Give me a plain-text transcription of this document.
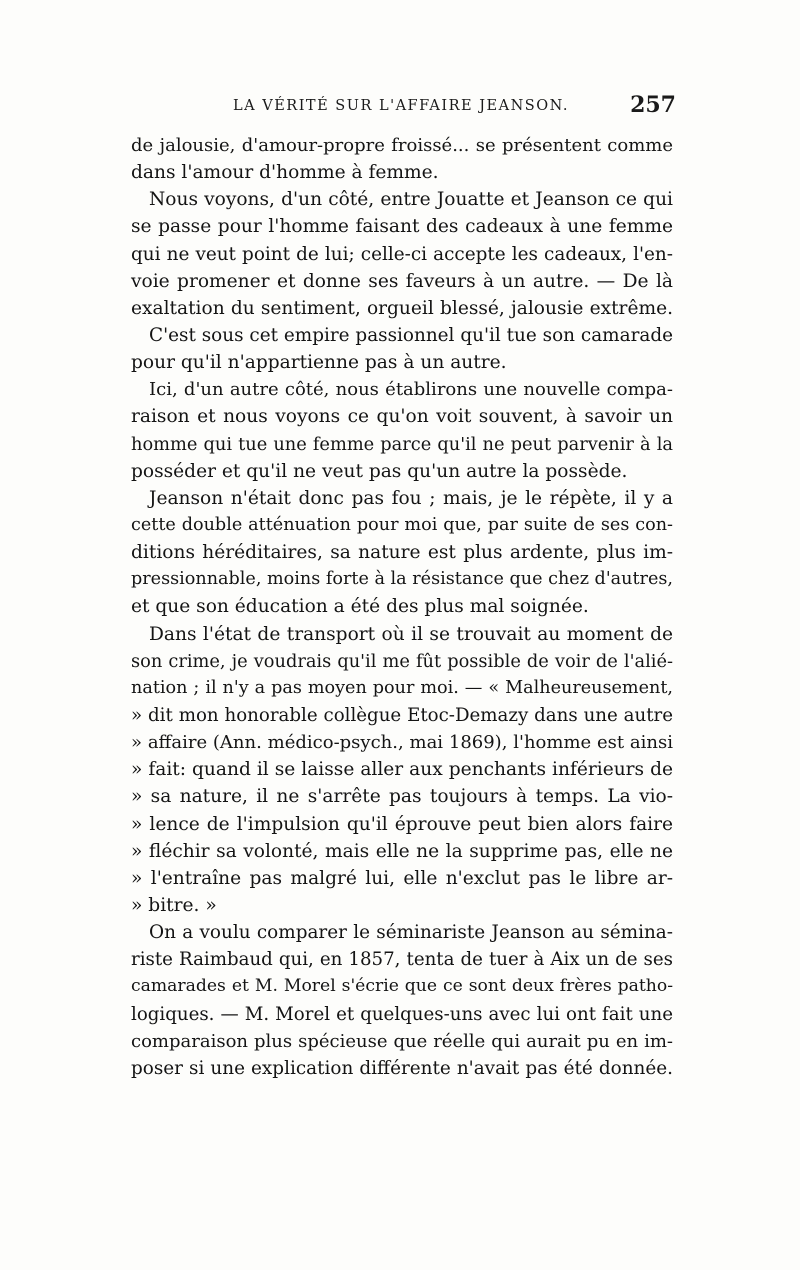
LA VÉRITÉ SUR L'AFFAIRE JEANSON.	257
de jalousie, d'amour-propre froissé... se présentent comme
dans l'amour d'homme à femme.
Nous voyons, d'un côté, entre Jouatte et Jeanson ce qui
se passe pour l'homme faisant des cadeaux à une femme
qui ne veut point de lui; celle-ci accepte les cadeaux, l'en-
voie promener et donne ses faveurs à un autre. — De là
exaltation du sentiment, orgueil blessé, jalousie extrême.
C'est sous cet empire passionnel qu'il tue son camarade
pour qu'il n'appartienne pas à un autre.
Ici, d'un autre côté, nous établirons une nouvelle compa-
raison et nous voyons ce qu'on voit souvent, à savoir un
homme qui tue une femme parce qu'il ne peut parvenir à la
posséder et qu'il ne veut pas qu'un autre la possède.
Jeanson n'était donc pas fou ; mais, je le répète, il y a
cette double atténuation pour moi que, par suite de ses con-
ditions héréditaires, sa nature est plus ardente, plus im-
pressionnable, moins forte à la résistance que chez d'autres,
et que son éducation a été des plus mal soignée.
Dans l'état de transport où il se trouvait au moment de
son crime, je voudrais qu'il me fût possible de voir de l'alié-
nation ; il n'y a pas moyen pour moi. — « Malheureusement,
» dit mon honorable collègue Etoc-Demazy dans une autre
» affaire (Ann. médico-psych., mai 1869), l'homme est ainsi
» fait: quand il se laisse aller aux penchants inférieurs de
» sa nature, il ne s'arrête pas toujours à temps. La vio-
» lence de l'impulsion qu'il éprouve peut bien alors faire
» fléchir sa volonté, mais elle ne la supprime pas, elle ne
» l'entraîne pas malgré lui, elle n'exclut pas le libre ar-
» bitre. »
On a voulu comparer le séminariste Jeanson au sémina-
riste Raimbaud qui, en 1857, tenta de tuer à Aix un de ses
camarades et M. Morel s'écrie que ce sont deux frères patho-
logiques. — M. Morel et quelques-uns avec lui ont fait une
comparaison plus spécieuse que réelle qui aurait pu en im-
poser si une explication différente n'avait pas été donnée.
